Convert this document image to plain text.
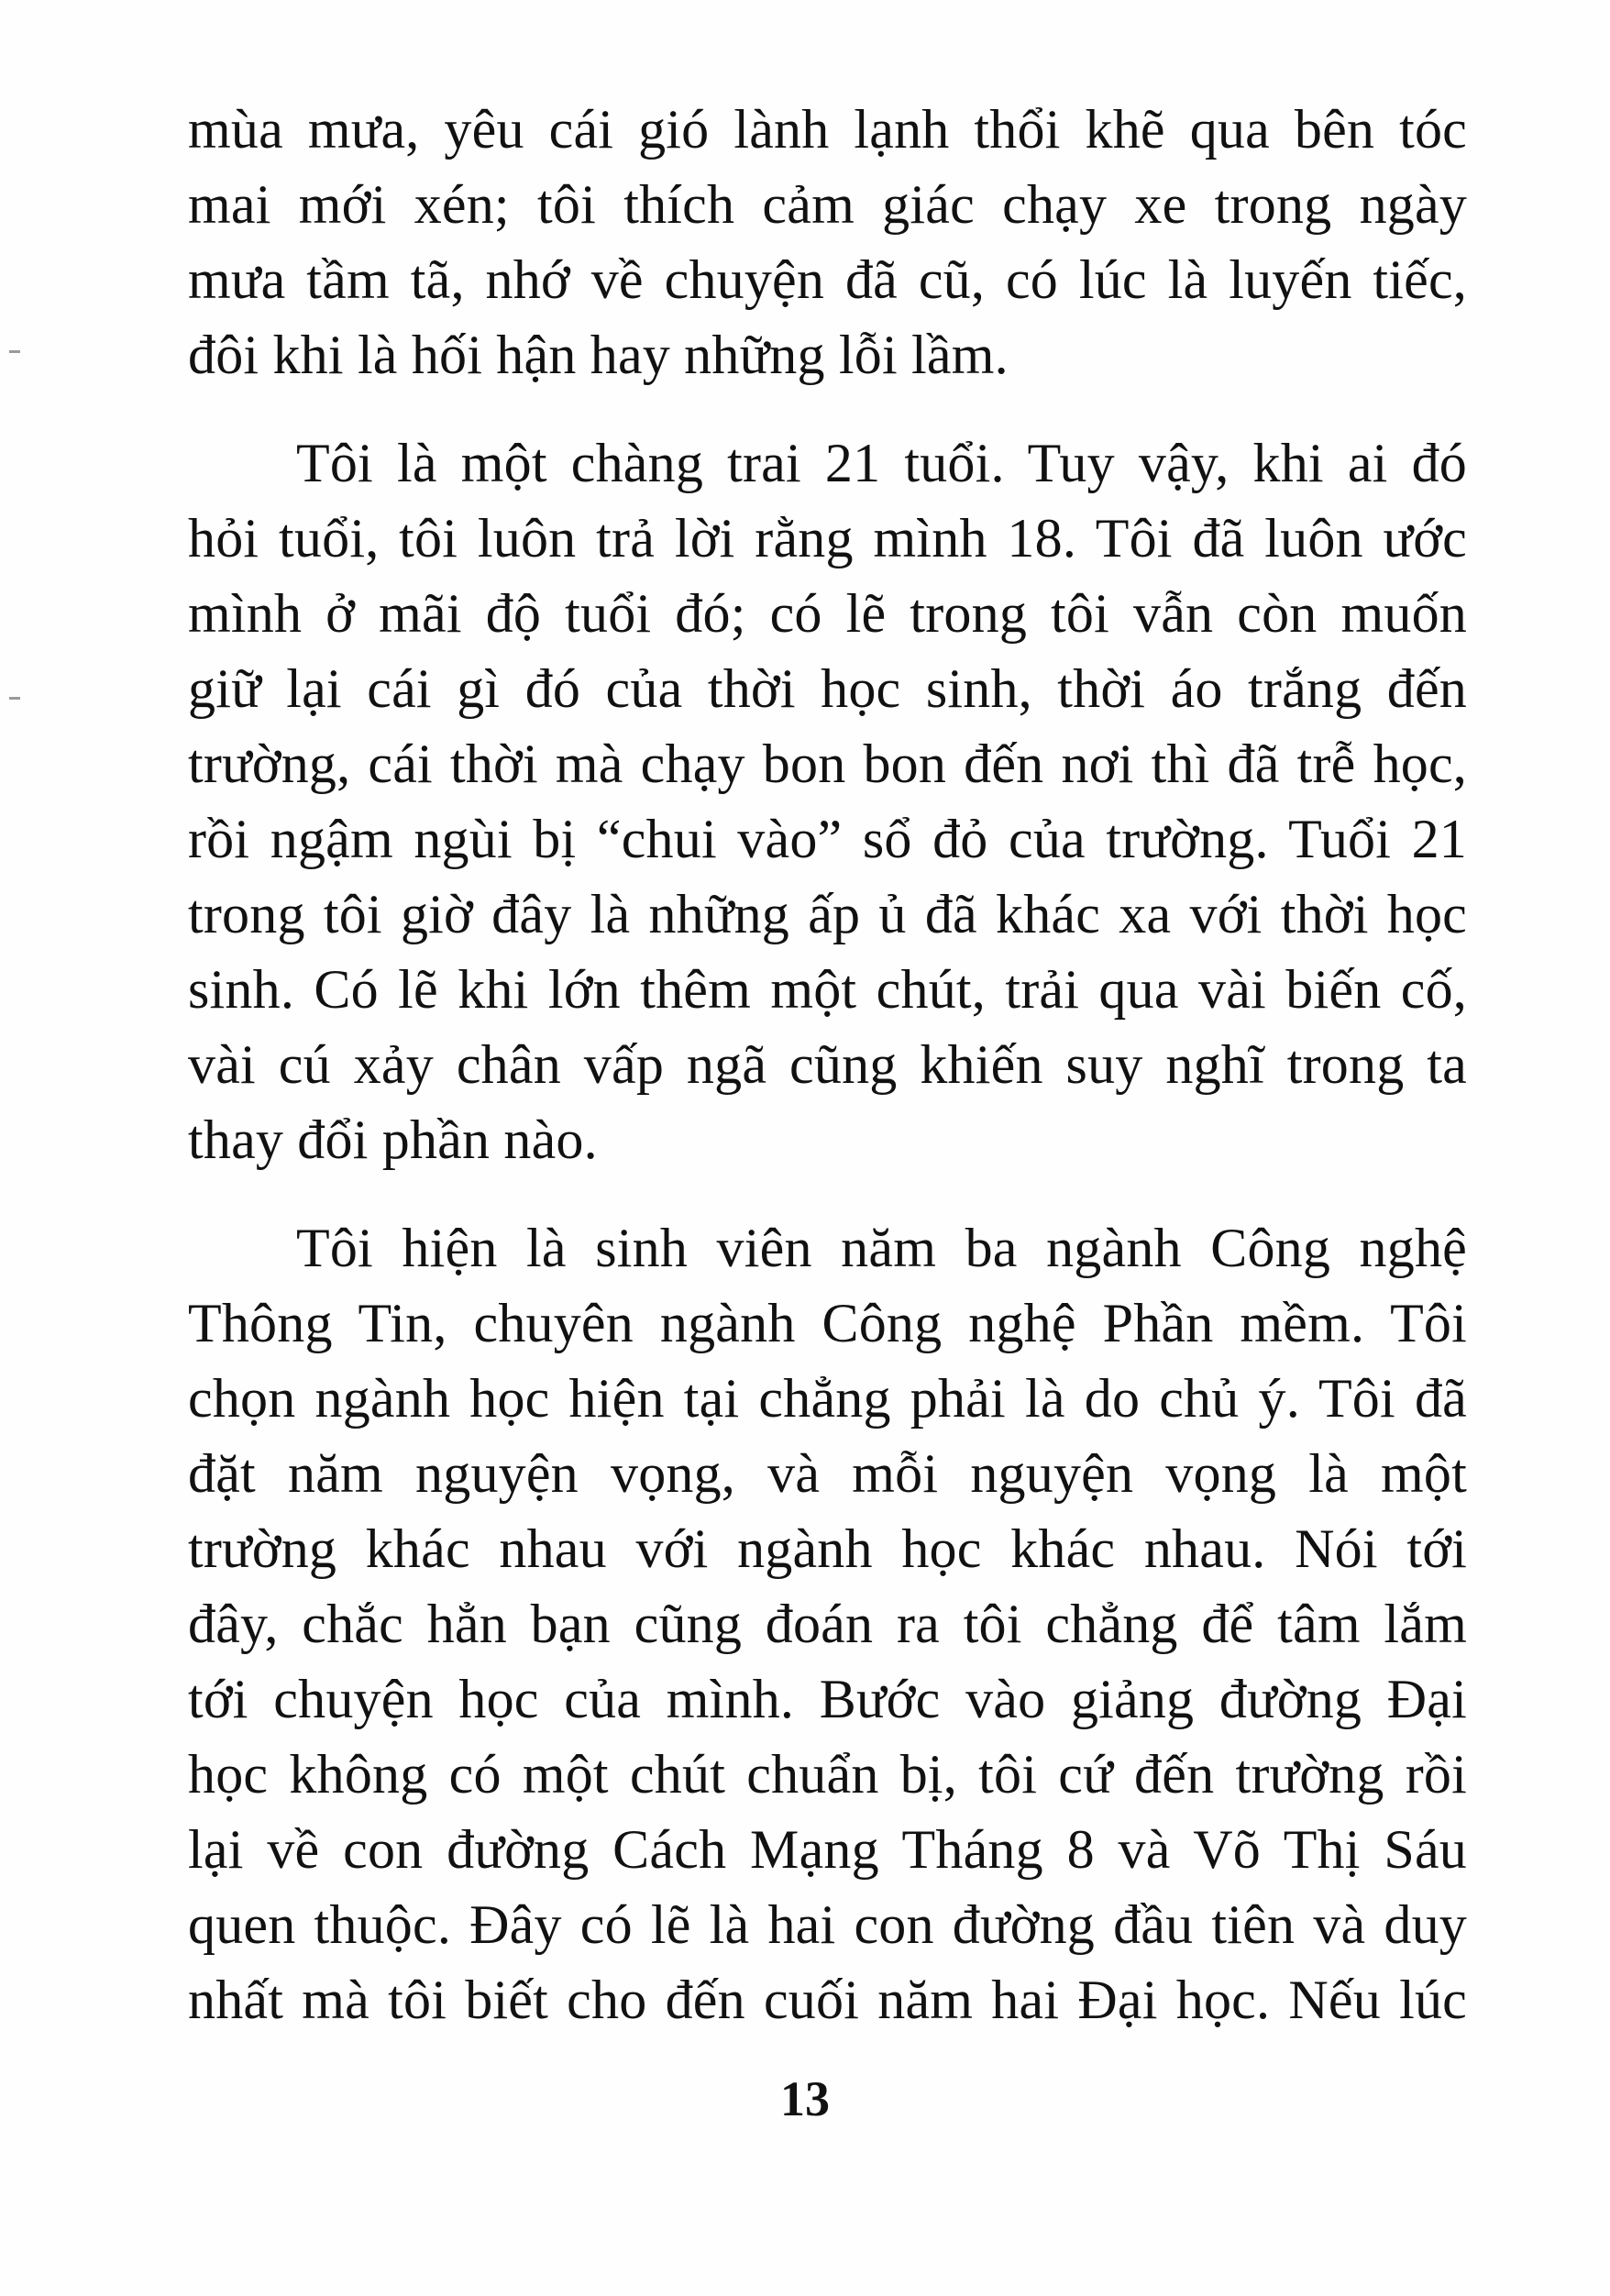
mùa mưa, yêu cái gió lành lạnh thổi khẽ qua bên tóc
mai mới xén; tôi thích cảm giác chạy xe trong ngày
mưa tầm tã, nhớ về chuyện đã cũ, có lúc là luyến tiếc,
đôi khi là hối hận hay những lỗi lầm.
Tôi là một chàng trai 21 tuổi. Tuy vậy, khi ai đó
hỏi tuổi, tôi luôn trả lời rằng mình 18. Tôi đã luôn ước
mình ở mãi độ tuổi đó; có lẽ trong tôi vẫn còn muốn
giữ lại cái gì đó của thời học sinh, thời áo trắng đến
trường, cái thời mà chạy bon bon đến nơi thì đã trễ học,
rồi ngậm ngùi bị “chui vào” sổ đỏ của trường. Tuổi 21
trong tôi giờ đây là những ấp ủ đã khác xa với thời học
sinh. Có lẽ khi lớn thêm một chút, trải qua vài biến cố,
vài cú xảy chân vấp ngã cũng khiến suy nghĩ trong ta
thay đổi phần nào.
Tôi hiện là sinh viên năm ba ngành Công nghệ
Thông Tin, chuyên ngành Công nghệ Phần mềm. Tôi
chọn ngành học hiện tại chẳng phải là do chủ ý. Tôi đã
đặt năm nguyện vọng, và mỗi nguyện vọng là một
trường khác nhau với ngành học khác nhau. Nói tới
đây, chắc hẳn bạn cũng đoán ra tôi chẳng để tâm lắm
tới chuyện học của mình. Bước vào giảng đường Đại
học không có một chút chuẩn bị, tôi cứ đến trường rồi
lại về con đường Cách Mạng Tháng 8 và Võ Thị Sáu
quen thuộc. Đây có lẽ là hai con đường đầu tiên và duy
nhất mà tôi biết cho đến cuối năm hai Đại học. Nếu lúc
13
